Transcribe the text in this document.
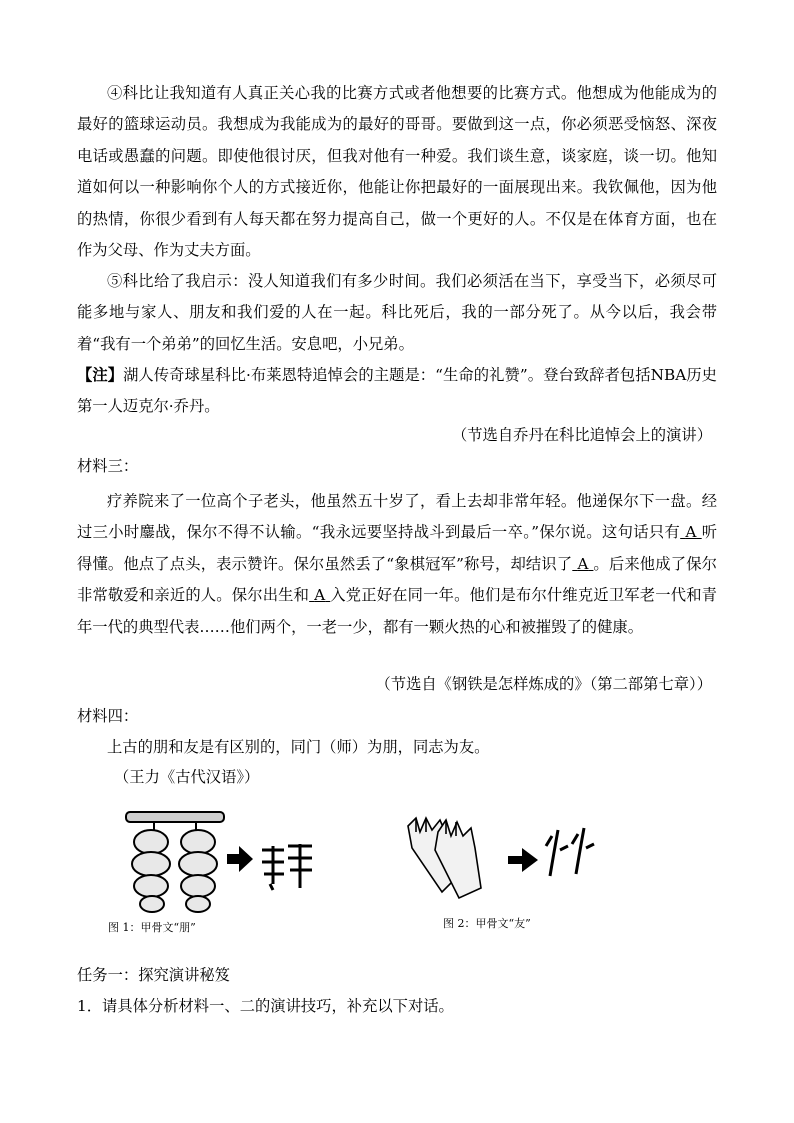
④科比让我知道有人真正关心我的比赛方式或者他想要的比赛方式。他想成为他能成为的最好的篮球运动员。我想成为我能成为的最好的哥哥。要做到这一点，你必须恶受恼怒、深夜电话或愚蠢的问题。即使他很讨厌，但我对他有一种爱。我们谈生意，谈家庭，谈一切。他知道如何以一种影响你个人的方式接近你，他能让你把最好的一面展现出来。我钦佩他，因为他的热情，你很少看到有人每天都在努力提高自己，做一个更好的人。不仅是在体育方面，也在作为父母、作为丈夫方面。

⑤科比给了我启示：没人知道我们有多少时间。我们必须活在当下，享受当下，必须尽可能多地与家人、朋友和我们爱的人在一起。科比死后，我的一部分死了。从今以后，我会带着“我有一个弟弟”的回忆生活。安息吧，小兄弟。

【注】湖人传奇球星科比·布莱恩特追悼会的主题是：“生命的礼赞”。登台致辞者包括NBA历史第一人迈克尔·乔丹。

（节选自乔丹在科比追悼会上的演讲）
材料三：

疗养院来了一位高个子老头，他虽然五十岁了，看上去却非常年轻。他递保尔下一盘。经过三小时鏖战，保尔不得不认输。“我永远要坚持战斗到最后一卒。”保尔说。这句话只有 A 听得懂。他点了点头，表示赞许。保尔虽然丢了“象棋冠军”称号，却结识了 A 。后来他成了保尔非常敬爱和亲近的人。保尔出生和 A 入党正好在同一年。他们是布尔什维克近卫军老一代和青年一代的典型代表……他们两个，一老一少，都有一颗火热的心和被摧毁了的健康。

（节选自《钢铁是怎样炼成的》（第二部第七章））
材料四：
上古的朋和友是有区别的，同门（师）为朋，同志为友。
（王力《古代汉语》）
图 1：甲骨文“朋”	图 2：甲骨文“友”
任务一：探究演讲秘笈
1．请具体分析材料一、二的演讲技巧，补充以下对话。
